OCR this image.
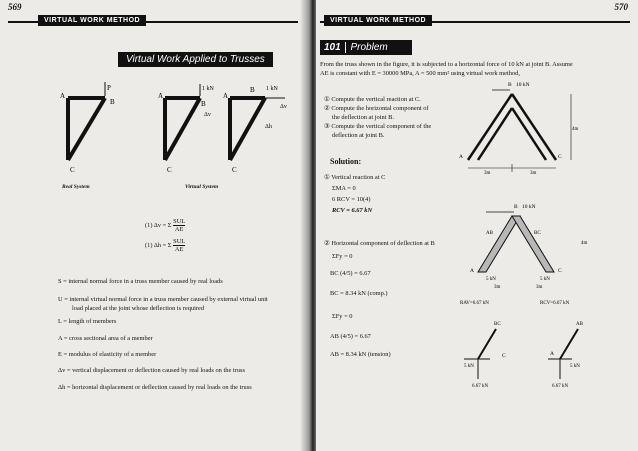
569
VIRTUAL WORK METHOD
Virtual Work Applied to Trusses
P
A
B
C
1 kN
A
B
C
Δv
1 kN
A
B
C
Δv
Δh
Real System	Virtual System
(1) Δv = Σ
SUL
AE
(1) Δh = Σ
SUL
AE
S = internal normal force in a truss member caused by real loads
U = internal virtual normal force in a truss member caused by external virtual unit
load placed at the joint whose deflection is required
L = length of members
A = cross sectional area of a member
E = modulus of elasticity of a member
Δv = vertical displacement or deflection caused by real loads on the truss
Δh = horizontal displacement or deflection caused by real loads on the truss
570
VIRTUAL WORK METHOD
101 Problem
From the truss shown in the figure, it is subjected to a horizontal force of 10 kN at joint B. Assume AE is constant with E = 30000 MPa, A = 500 mm² using virtual work method,
① Compute the vertical reaction at C.
② Compute the horizontal component of
the deflection at joint B.
③ Compute the vertical component of the
deflection at joint B.
Solution:
① Vertical reaction at C
ΣMA = 0
6 RCV = 10(4)
RCV = 6.67 kN
② Horizontal component of deflection at B
ΣFy = 0
BC (4/5) = 6.67
BC = 8.34 kN (comp.)
ΣFy = 0
AB (4/5) = 6.67
AB = 8.34 kN (tension)
B 10 kN
A	C
4m
3m	3m
B 10 kN
AB	BC
A	C
4m
5 kN	5 kN
3m	3m
RAV=6.67 kN	RCV=6.67 kN
BC
C
5 kN
6.67 kN
AB
A
5 kN
6.67 kN
